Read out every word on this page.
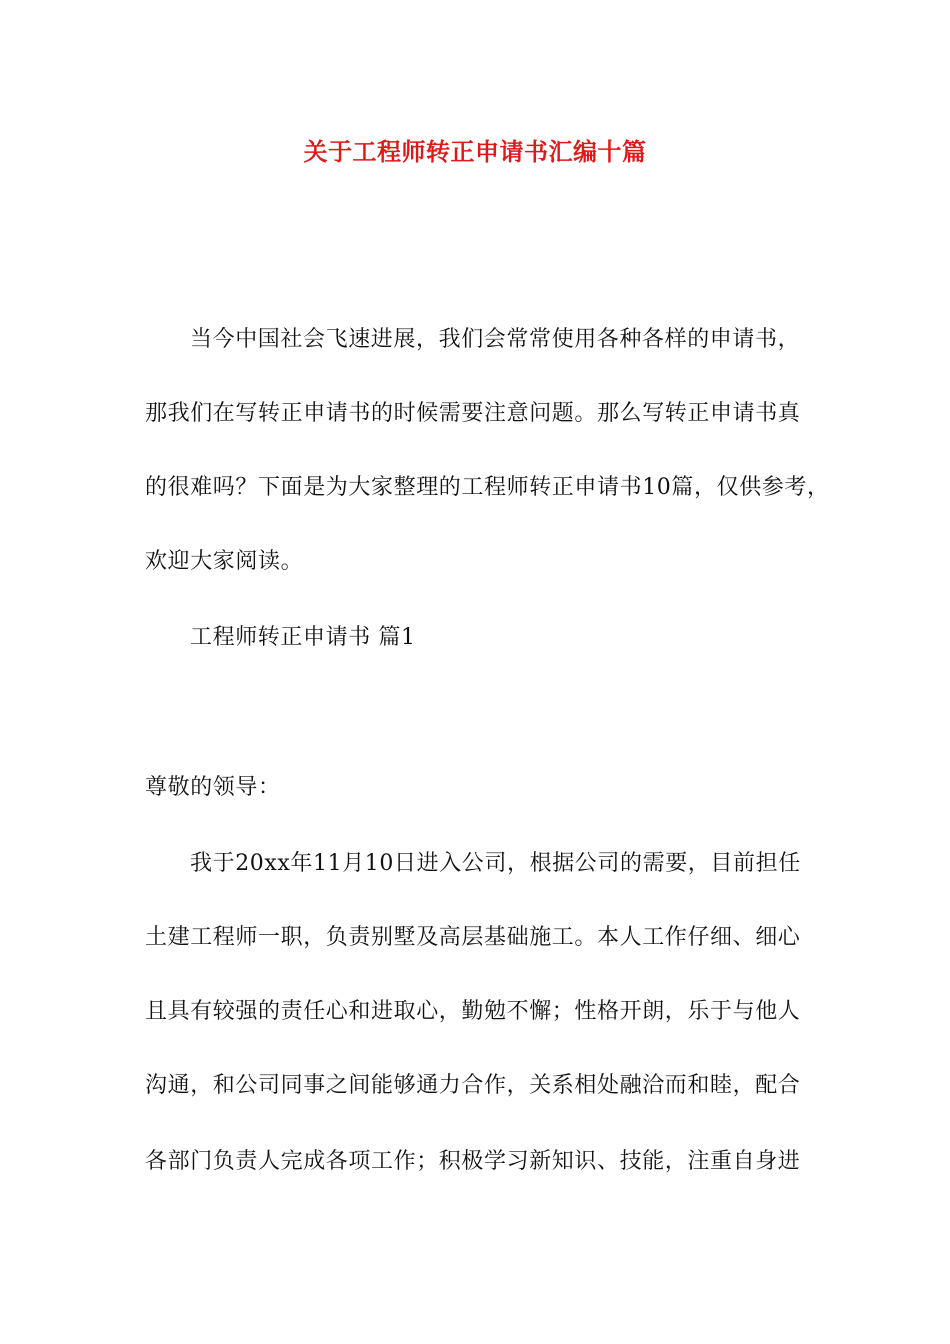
关于工程师转正申请书汇编十篇
当今中国社会飞速进展，我们会常常使用各种各样的申请书，
那我们在写转正申请书的时候需要注意问题。那么写转正申请书真
的很难吗？下面是为大家整理的工程师转正申请书10篇，仅供参考，
欢迎大家阅读。
工程师转正申请书 篇1
尊敬的领导：
我于20xx年11月10日进入公司，根据公司的需要，目前担任
土建工程师一职，负责别墅及高层基础施工。本人工作仔细、细心
且具有较强的责任心和进取心，勤勉不懈；性格开朗，乐于与他人
沟通，和公司同事之间能够通力合作，关系相处融洽而和睦，配合
各部门负责人完成各项工作；积极学习新知识、技能，注重自身进
